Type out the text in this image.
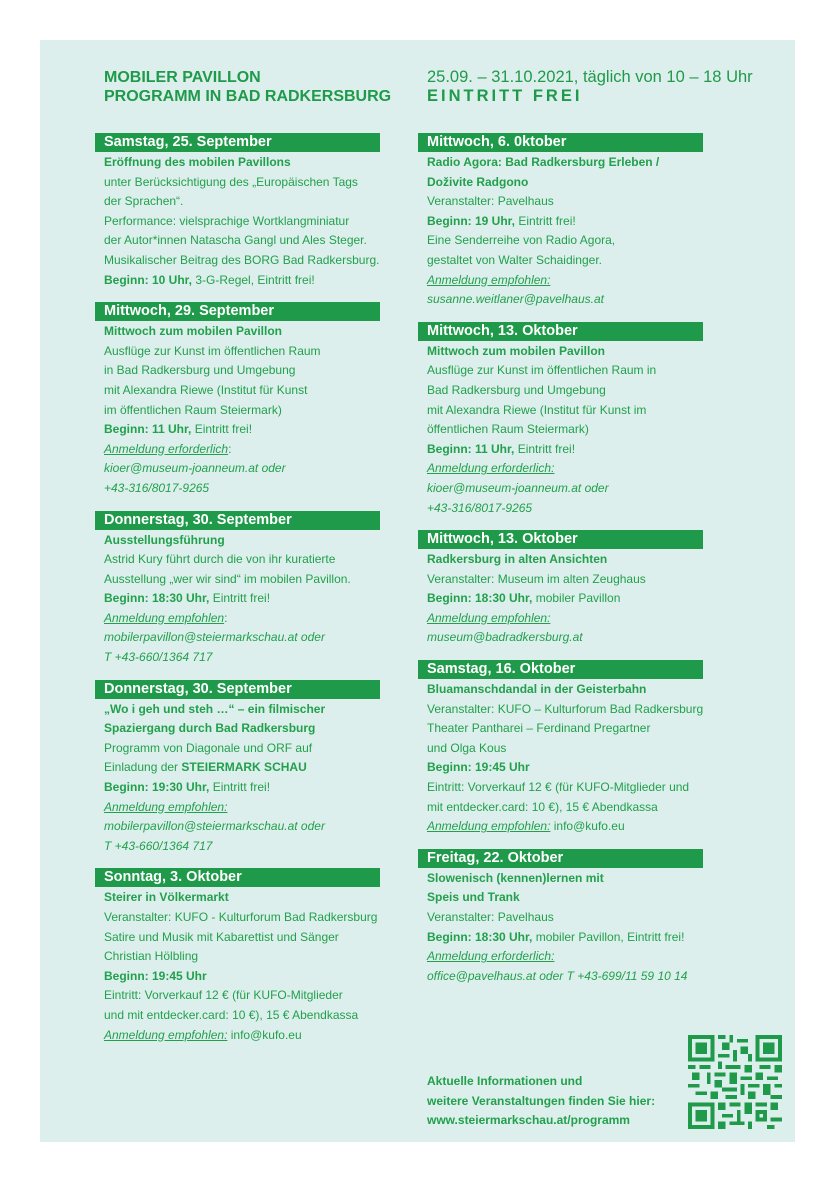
MOBILER PAVILLON
PROGRAMM IN BAD RADKERSBURG
25.09. – 31.10.2021, täglich von 10 – 18 Uhr
EINTRITT FREI
Samstag, 25. September
Eröffnung des mobilen Pavillons
unter Berücksichtigung des „Europäischen Tags
der Sprachen“.
Performance: vielsprachige Wortklangminiatur
der Autor*innen Natascha Gangl und Ales Steger.
Musikalischer Beitrag des BORG Bad Radkersburg.
Beginn: 10 Uhr, 3-G-Regel, Eintritt frei!
Mittwoch, 29. September
Mittwoch zum mobilen Pavillon
Ausflüge zur Kunst im öffentlichen Raum
in Bad Radkersburg und Umgebung
mit Alexandra Riewe (Institut für Kunst
im öffentlichen Raum Steiermark)
Beginn: 11 Uhr, Eintritt frei!
Anmeldung erforderlich:
kioer@museum-joanneum.at oder
+43-316/8017-9265
Donnerstag, 30. September
Ausstellungsführung
Astrid Kury führt durch die von ihr kuratierte
Ausstellung „wer wir sind“ im mobilen Pavillon.
Beginn: 18:30 Uhr, Eintritt frei!
Anmeldung empfohlen:
mobilerpavillon@steiermarkschau.at oder
T +43-660/1364 717
Donnerstag, 30. September
„Wo i geh und steh …“ – ein filmischer
Spaziergang durch Bad Radkersburg
Programm von Diagonale und ORF auf
Einladung der STEIERMARK SCHAU
Beginn: 19:30 Uhr, Eintritt frei!
Anmeldung empfohlen:
mobilerpavillon@steiermarkschau.at oder
T +43-660/1364 717
Sonntag, 3. Oktober
Steirer in Völkermarkt
Veranstalter: KUFO - Kulturforum Bad Radkersburg
Satire und Musik mit Kabarettist und Sänger
Christian Hölbling
Beginn: 19:45 Uhr
Eintritt: Vorverkauf 12 € (für KUFO-Mitglieder
und mit entdecker.card: 10 €), 15 € Abendkassa
Anmeldung empfohlen: info@kufo.eu
Mittwoch, 6. 0ktober
Radio Agora: Bad Radkersburg Erleben /
Doživite Radgono
Veranstalter: Pavelhaus
Beginn: 19 Uhr, Eintritt frei!
Eine Senderreihe von Radio Agora,
gestaltet von Walter Schaidinger.
Anmeldung empfohlen:
susanne.weitlaner@pavelhaus.at
Mittwoch, 13. Oktober
Mittwoch zum mobilen Pavillon
Ausflüge zur Kunst im öffentlichen Raum in
Bad Radkersburg und Umgebung
mit Alexandra Riewe (Institut für Kunst im
öffentlichen Raum Steiermark)
Beginn: 11 Uhr, Eintritt frei!
Anmeldung erforderlich:
kioer@museum-joanneum.at oder
+43-316/8017-9265
Mittwoch, 13. Oktober
Radkersburg in alten Ansichten
Veranstalter: Museum im alten Zeughaus
Beginn: 18:30 Uhr, mobiler Pavillon
Anmeldung empfohlen:
museum@badradkersburg.at
Samstag, 16. Oktober
Bluamanschdandal in der Geisterbahn
Veranstalter: KUFO – Kulturforum Bad Radkersburg
Theater Pantharei – Ferdinand Pregartner
und Olga Kous
Beginn: 19:45 Uhr
Eintritt: Vorverkauf 12 € (für KUFO-Mitglieder und
mit entdecker.card: 10 €), 15 € Abendkassa
Anmeldung empfohlen: info@kufo.eu
Freitag, 22. Oktober
Slowenisch (kennen)lernen mit
Speis und Trank
Veranstalter: Pavelhaus
Beginn: 18:30 Uhr, mobiler Pavillon, Eintritt frei!
Anmeldung erforderlich:
office@pavelhaus.at oder T +43-699/11 59 10 14
Aktuelle Informationen und
weitere Veranstaltungen finden Sie hier:
www.steiermarkschau.at/programm
